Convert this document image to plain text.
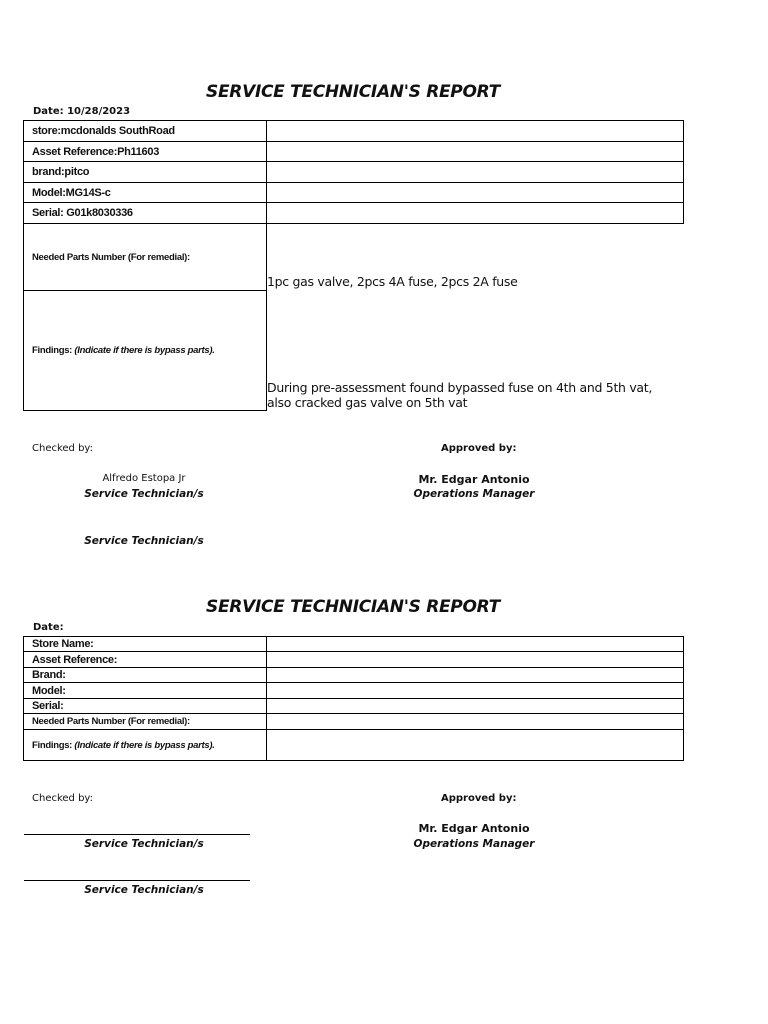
SERVICE TECHNICIAN'S REPORT
Date: 10/28/2023
store:mcdonalds SouthRoad	
Asset Reference:Ph11603	
brand:pitco	
Model:MG14S-c	
Serial: G01k8030336	
Needed Parts Number (For remedial):	1pc gas valve, 2pcs 4A fuse, 2pcs 2A fuse
Findings: (Indicate if there is bypass parts).	During pre-assessment found bypassed fuse on 4th and 5th vat,
also cracked gas valve on 5th vat
Checked by:	Approved by:
Alfredo Estopa Jr
Service Technician/s
Service Technician/s
Mr. Edgar Antonio
Operations Manager
SERVICE TECHNICIAN'S REPORT
Date:
Store Name:	
Asset Reference:	
Brand:	
Model:	
Serial:	
Needed Parts Number (For remedial):	
Findings: (Indicate if there is bypass parts).	
Checked by:	Approved by:
Service Technician/s
Service Technician/s
Mr. Edgar Antonio
Operations Manager
